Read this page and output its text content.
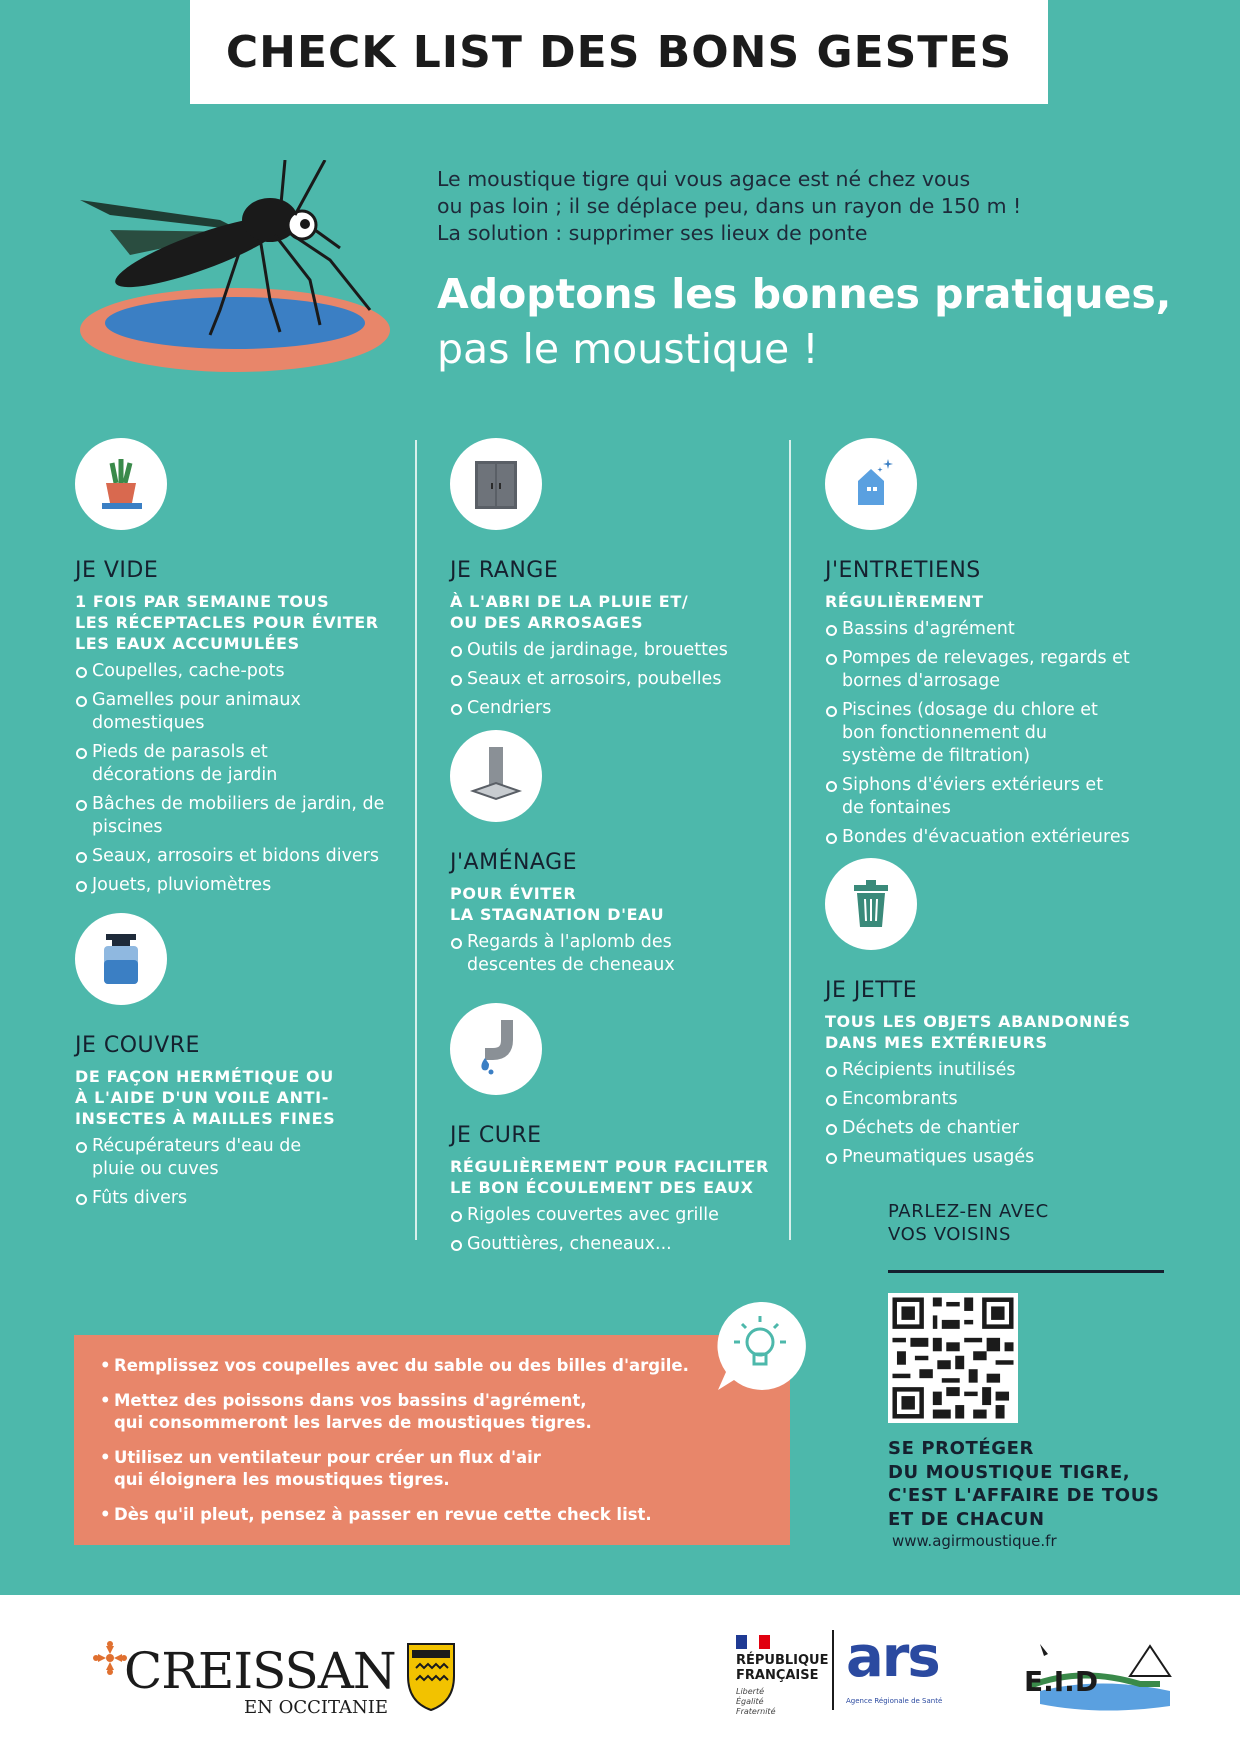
CHECK LIST DES BONS GESTES
Le moustique tigre qui vous agace est né chez vous
ou pas loin ; il se déplace peu, dans un rayon de 150 m !
La solution : supprimer ses lieux de ponte
Adoptons les bonnes pratiques,
pas le moustique !
JE VIDE
1 FOIS PAR SEMAINE TOUS
LES RÉCEPTACLES POUR ÉVITER
LES EAUX ACCUMULÉES
Coupelles, cache-pots
Gamelles pour animaux domestiques
Pieds de parasols et décorations de jardin
Bâches de mobiliers de jardin, de piscines
Seaux, arrosoirs et bidons divers
Jouets, pluviomètres
JE COUVRE
DE FAÇON HERMÉTIQUE OU
À L'AIDE D'UN VOILE ANTI-
INSECTES À MAILLES FINES
Récupérateurs d'eau de pluie ou cuves
Fûts divers
JE RANGE
À L'ABRI DE LA PLUIE ET/
OU DES ARROSAGES
Outils de jardinage, brouettes
Seaux et arrosoirs, poubelles
Cendriers
J'AMÉNAGE
POUR ÉVITER
LA STAGNATION D'EAU
Regards à l'aplomb des descentes de cheneaux
JE CURE
RÉGULIÈREMENT POUR FACILITER
LE BON ÉCOULEMENT DES EAUX
Rigoles couvertes avec grille
Gouttières, cheneaux...
J'ENTRETIENS
RÉGULIÈREMENT
Bassins d'agrément
Pompes de relevages, regards et bornes d'arrosage
Piscines (dosage du chlore et bon fonctionnement du système de filtration)
Siphons d'éviers extérieurs et de fontaines
Bondes d'évacuation extérieures
JE JETTE
TOUS LES OBJETS ABANDONNÉS
DANS MES EXTÉRIEURS
Récipients inutilisés
Encombrants
Déchets de chantier
Pneumatiques usagés
• Remplissez vos coupelles avec du sable ou des billes d'argile.
• Mettez des poissons dans vos bassins d'agrément,
qui consommeront les larves de moustiques tigres.
• Utilisez un ventilateur pour créer un flux d'air
qui éloignera les moustiques tigres.
• Dès qu'il pleut, pensez à passer en revue cette check list.
PARLEZ-EN AVEC
VOS VOISINS
SE PROTÉGER
DU MOUSTIQUE TIGRE,
C'EST L'AFFAIRE DE TOUS
ET DE CHACUN
www.agirmoustique.fr
CREISSAN
EN OCCITANIE
RÉPUBLIQUE
FRANÇAISE
Liberté
Égalité
Fraternité
ars
Agence Régionale de Santé
E.I.D
